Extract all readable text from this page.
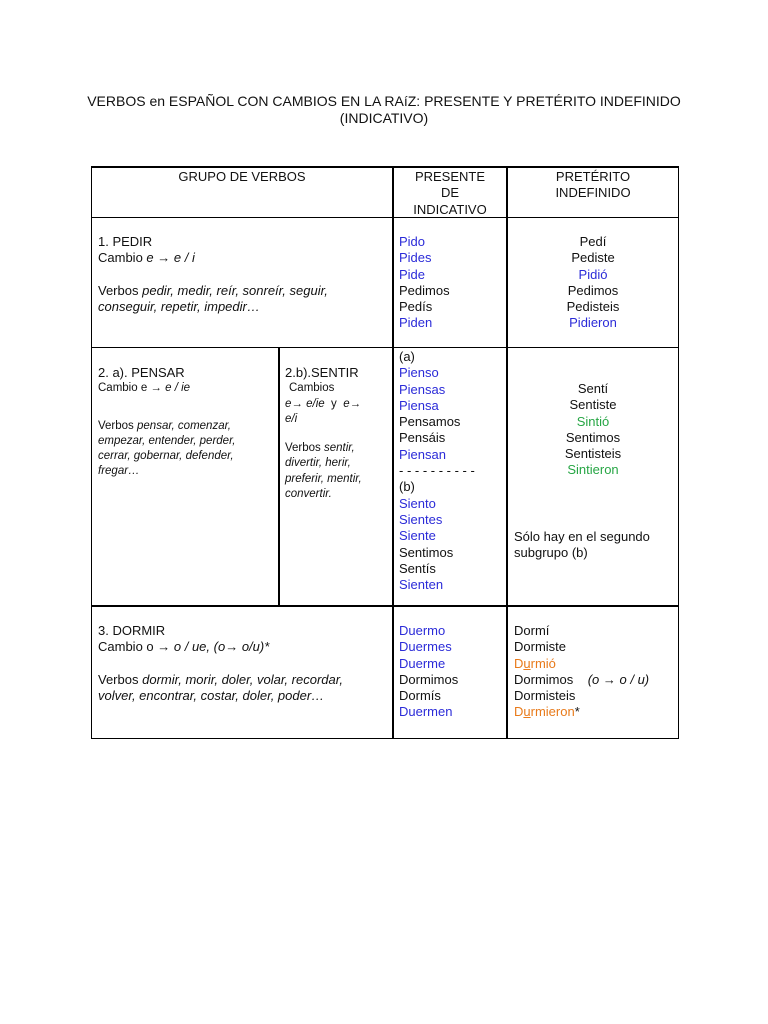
VERBOS en ESPAÑOL CON CAMBIOS EN LA RAíZ: PRESENTE Y PRETÉRITO INDEFINIDO (INDICATIVO)
GRUPO DE VERBOS	PRESENTE
DE
INDICATIVO
PRETÉRITO
INDEFINIDO
1. PEDIR
Cambio e → e / i
Verbos pedir, medir, reír, sonreír, seguir,
conseguir, repetir, impedir…
Pido
Pides
Pide
Pedimos
Pedís
Piden
Pedí
Pediste
Pidió
Pedimos
Pedisteis
Pidieron
2. a). PENSAR
Cambio e → e / ie
Verbos pensar, comenzar,
empezar, entender, perder,
cerrar, gobernar, defender,
fregar…
2.b).SENTIR
Cambios
e→ e/ie y e→
e/i
Verbos sentir,
divertir, herir,
preferir, mentir,
convertir.
(a)
Pienso
Piensas
Piensa
Pensamos
Pensáis
Piensan
- - - - - - - - - -
(b)
Siento
Sientes
Siente
Sentimos
Sentís
Sienten
Sentí
Sentiste
Sintió
Sentimos
Sentisteis
Sintieron
Sólo hay en el segundo
subgrupo (b)
3. DORMIR
Cambio o → o / ue, (o→ o/u)*
Verbos dormir, morir, doler, volar, recordar,
volver, encontrar, costar, doler, poder…
Duermo
Duermes
Duerme
Dormimos
Dormís
Duermen
Dormí
Dormiste
Durmió
Dormimos (o → o / u)
Dormisteis
Durmieron*
